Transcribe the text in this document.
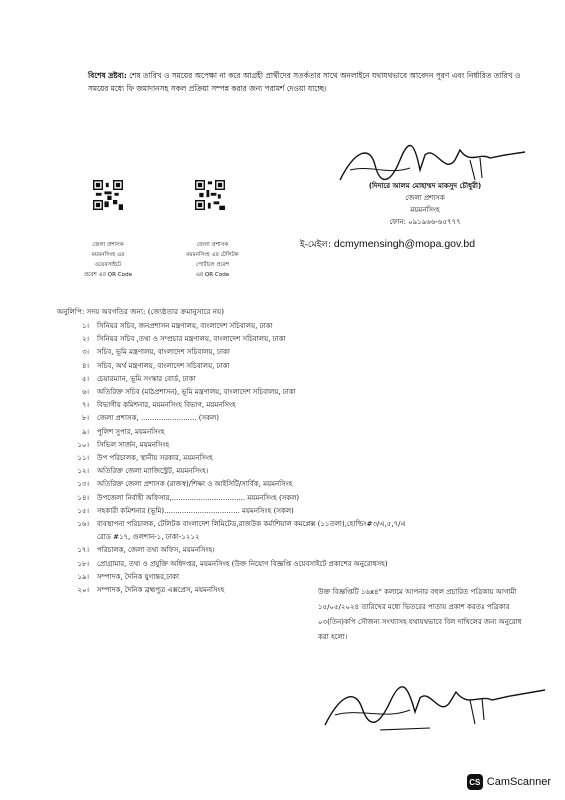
বিশেষ দ্রষ্টব্য: শেষ তারিখ ও সময়ের অপেক্ষা না করে আগ্রহী প্রার্থীদের সতর্কতার সাথে অনলাইনে যথাযথভাবে আবেদন পূরণ এবং নির্ধারিত তারিখ ও সময়ের মধ্যে ফি জমাদানসহ সকল প্রক্রিয়া সম্পন্ন করার জন্য পরামর্শ দেওয়া যাচ্ছে।
(দিদারে আলম মোহাম্মদ মাকসুদ চৌধুরী)
জেলা প্রশাসক
ময়মনসিংহ
ফোন: ০৯১৯৬৬-৬৫৭৭৭
ই-মেইল: dcmymensingh@mopa.gov.bd
জেলা প্রশাসক
ময়মনসিংহ এর
ওয়েবসাইটে
প্রবেশ এর QR Code
জেলা প্রশাসক
ময়মনসিংহ এর টেলিটক
পোর্টালে প্রবেশ
এর QR Code
অনুলিপি: সদয় অবগতির জন্য: (জ্যেষ্ঠতার ক্রমানুসারে নয়)
১।	সিনিয়র সচিব, জনপ্রশাসন মন্ত্রণালয়, বাংলাদেশ সচিবালয়, ঢাকা
২।	সিনিয়র সচিব ,তথ্য ও সম্প্রচার মন্ত্রণালয়, বাংলাদেশ সচিবালয়, ঢাকা
৩।	সচিব, ভূমি মন্ত্রণালয়, বাংলাদেশ সচিবালয়, ঢাকা
৪।	সচিব, অর্থ মন্ত্রণালয়, বাংলাদেশ সচিবালয়, ঢাকা
৫।	চেয়ারম্যান, ভূমি সংস্কার বোর্ড, ঢাকা
৬।	অতিরিক্ত সচিব (মাঠপ্রশাসন), ভূমি মন্ত্রণালয়, বাংলাদেশ সচিবালয়, ঢাকা
৭।	বিভাগীয় কমিশনার, ময়মনসিংহ বিভাগ, ময়মনসিংহ
৮।	জেলা প্রশাসক, ......................... (সকল)
৯।	পুলিশ সুপার, ময়মনসিংহ
১০।	সিভিল সার্জন, ময়মনসিংহ
১১।	উপ পরিচালক, স্থানীয় সরকার, ময়মনসিংহ
১২।	অতিরিক্ত জেলা ম্যাজিস্ট্রেট, ময়মনসিংহ।
১৩।	অতিরিক্ত জেলা প্রশাসক (রাজস্ব)/শিক্ষা ও আইসিটি/সার্বিক, ময়মনসিংহ
১৪।	উপজেলা নির্বাহী অফিসার,................................. ময়মনসিংহ (সকল)
১৫।	সহকারী কমিশনার (ভূমি).................................. ময়মনসিংহ (সকল)
১৬।	ব্যবস্থাপনা পরিচালক, টেলিটক বাংলাদেশ লিমিটেড,রাজউক কর্মাশিয়াল কমপ্লেক্স (১১তলা),হোল্ডিং#৩/এ,৫,৭/এ
রোড #১৭, গুলশান-১, ঢাকা-১২১২
১৭।	পরিচালক, জেলা তথ্য অফিস, ময়মনসিংহ।
১৮।	প্রোগ্রামার, তথ্য ও প্রযুক্তি অধিদপ্তর, ময়মনসিংহ (উক্ত নিয়োগ বিজ্ঞপ্তি ওয়েবসাইটে প্রকাশের অনুরোধসহ)
১৯।	সম্পাদক, দৈনিক যুগান্তর,ঢাকা
২০।	সম্পাদক, দৈনিক ব্রহ্মপুত্র এক্সপ্রেস, ময়মনসিংহ	উক্ত বিজ্ঞপ্তিটি ১৬x৪" কলামে আপনার বহুল প্রচারিত পত্রিকায় আগামী ১৫/০৫/২০২৪ তারিখের মধ্যে ভিতরের পাতায় প্রকাশ করতঃ পত্রিকার ০৩(তিন)কপি সৌজন্য সংখ্যাসহ যথাযথভাবে বিল দাখিলের জন্য অনুরোধ করা হলো।
CS CamScanner
